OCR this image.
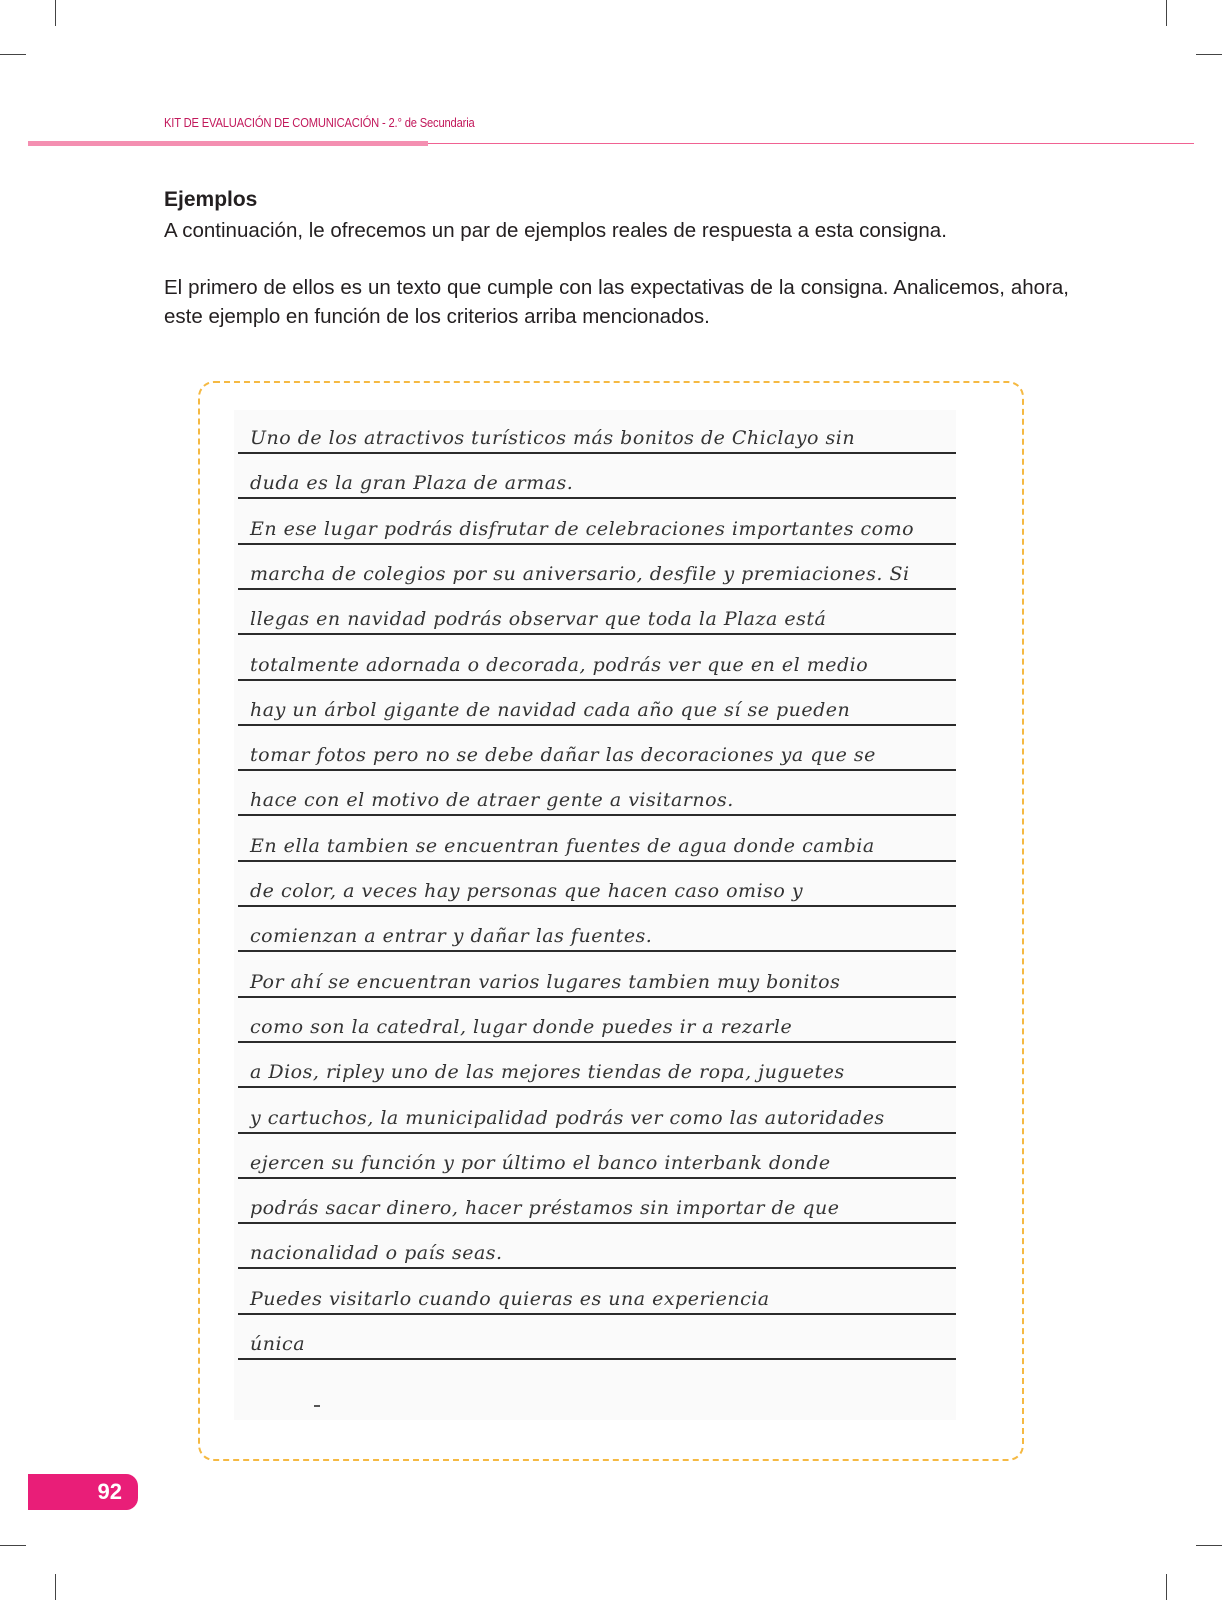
KIT DE EVALUACIÓN DE COMUNICACIÓN - 2.° de Secundaria
Ejemplos
A continuación, le ofrecemos un par de ejemplos reales de respuesta a esta consigna.
El primero de ellos es un texto que cumple con las expectativas de la consigna. Analicemos, ahora, este ejemplo en función de los criterios arriba mencionados.
Uno de los atractivos turísticos más bonitos de Chiclayo sin
duda es la gran Plaza de armas.
En ese lugar podrás disfrutar de celebraciones importantes como
marcha de colegios por su aniversario, desfile y premiaciones. Si
llegas en navidad podrás observar que toda la Plaza está
totalmente adornada o decorada, podrás ver que en el medio
hay un árbol gigante de navidad cada año que sí se pueden
tomar fotos pero no se debe dañar las decoraciones ya que se
hace con el motivo de atraer gente a visitarnos.
En ella tambien se encuentran fuentes de agua donde cambia
de color, a veces hay personas que hacen caso omiso y
comienzan a entrar y dañar las fuentes.
Por ahí se encuentran varios lugares tambien muy bonitos
como son la catedral, lugar donde puedes ir a rezarle
a Dios, ripley uno de las mejores tiendas de ropa, juguetes
y cartuchos, la municipalidad podrás ver como las autoridades
ejercen su función y por último el banco interbank donde
podrás sacar dinero, hacer préstamos sin importar de que
nacionalidad o país seas.
Puedes visitarlo cuando quieras es una experiencia
única
92
